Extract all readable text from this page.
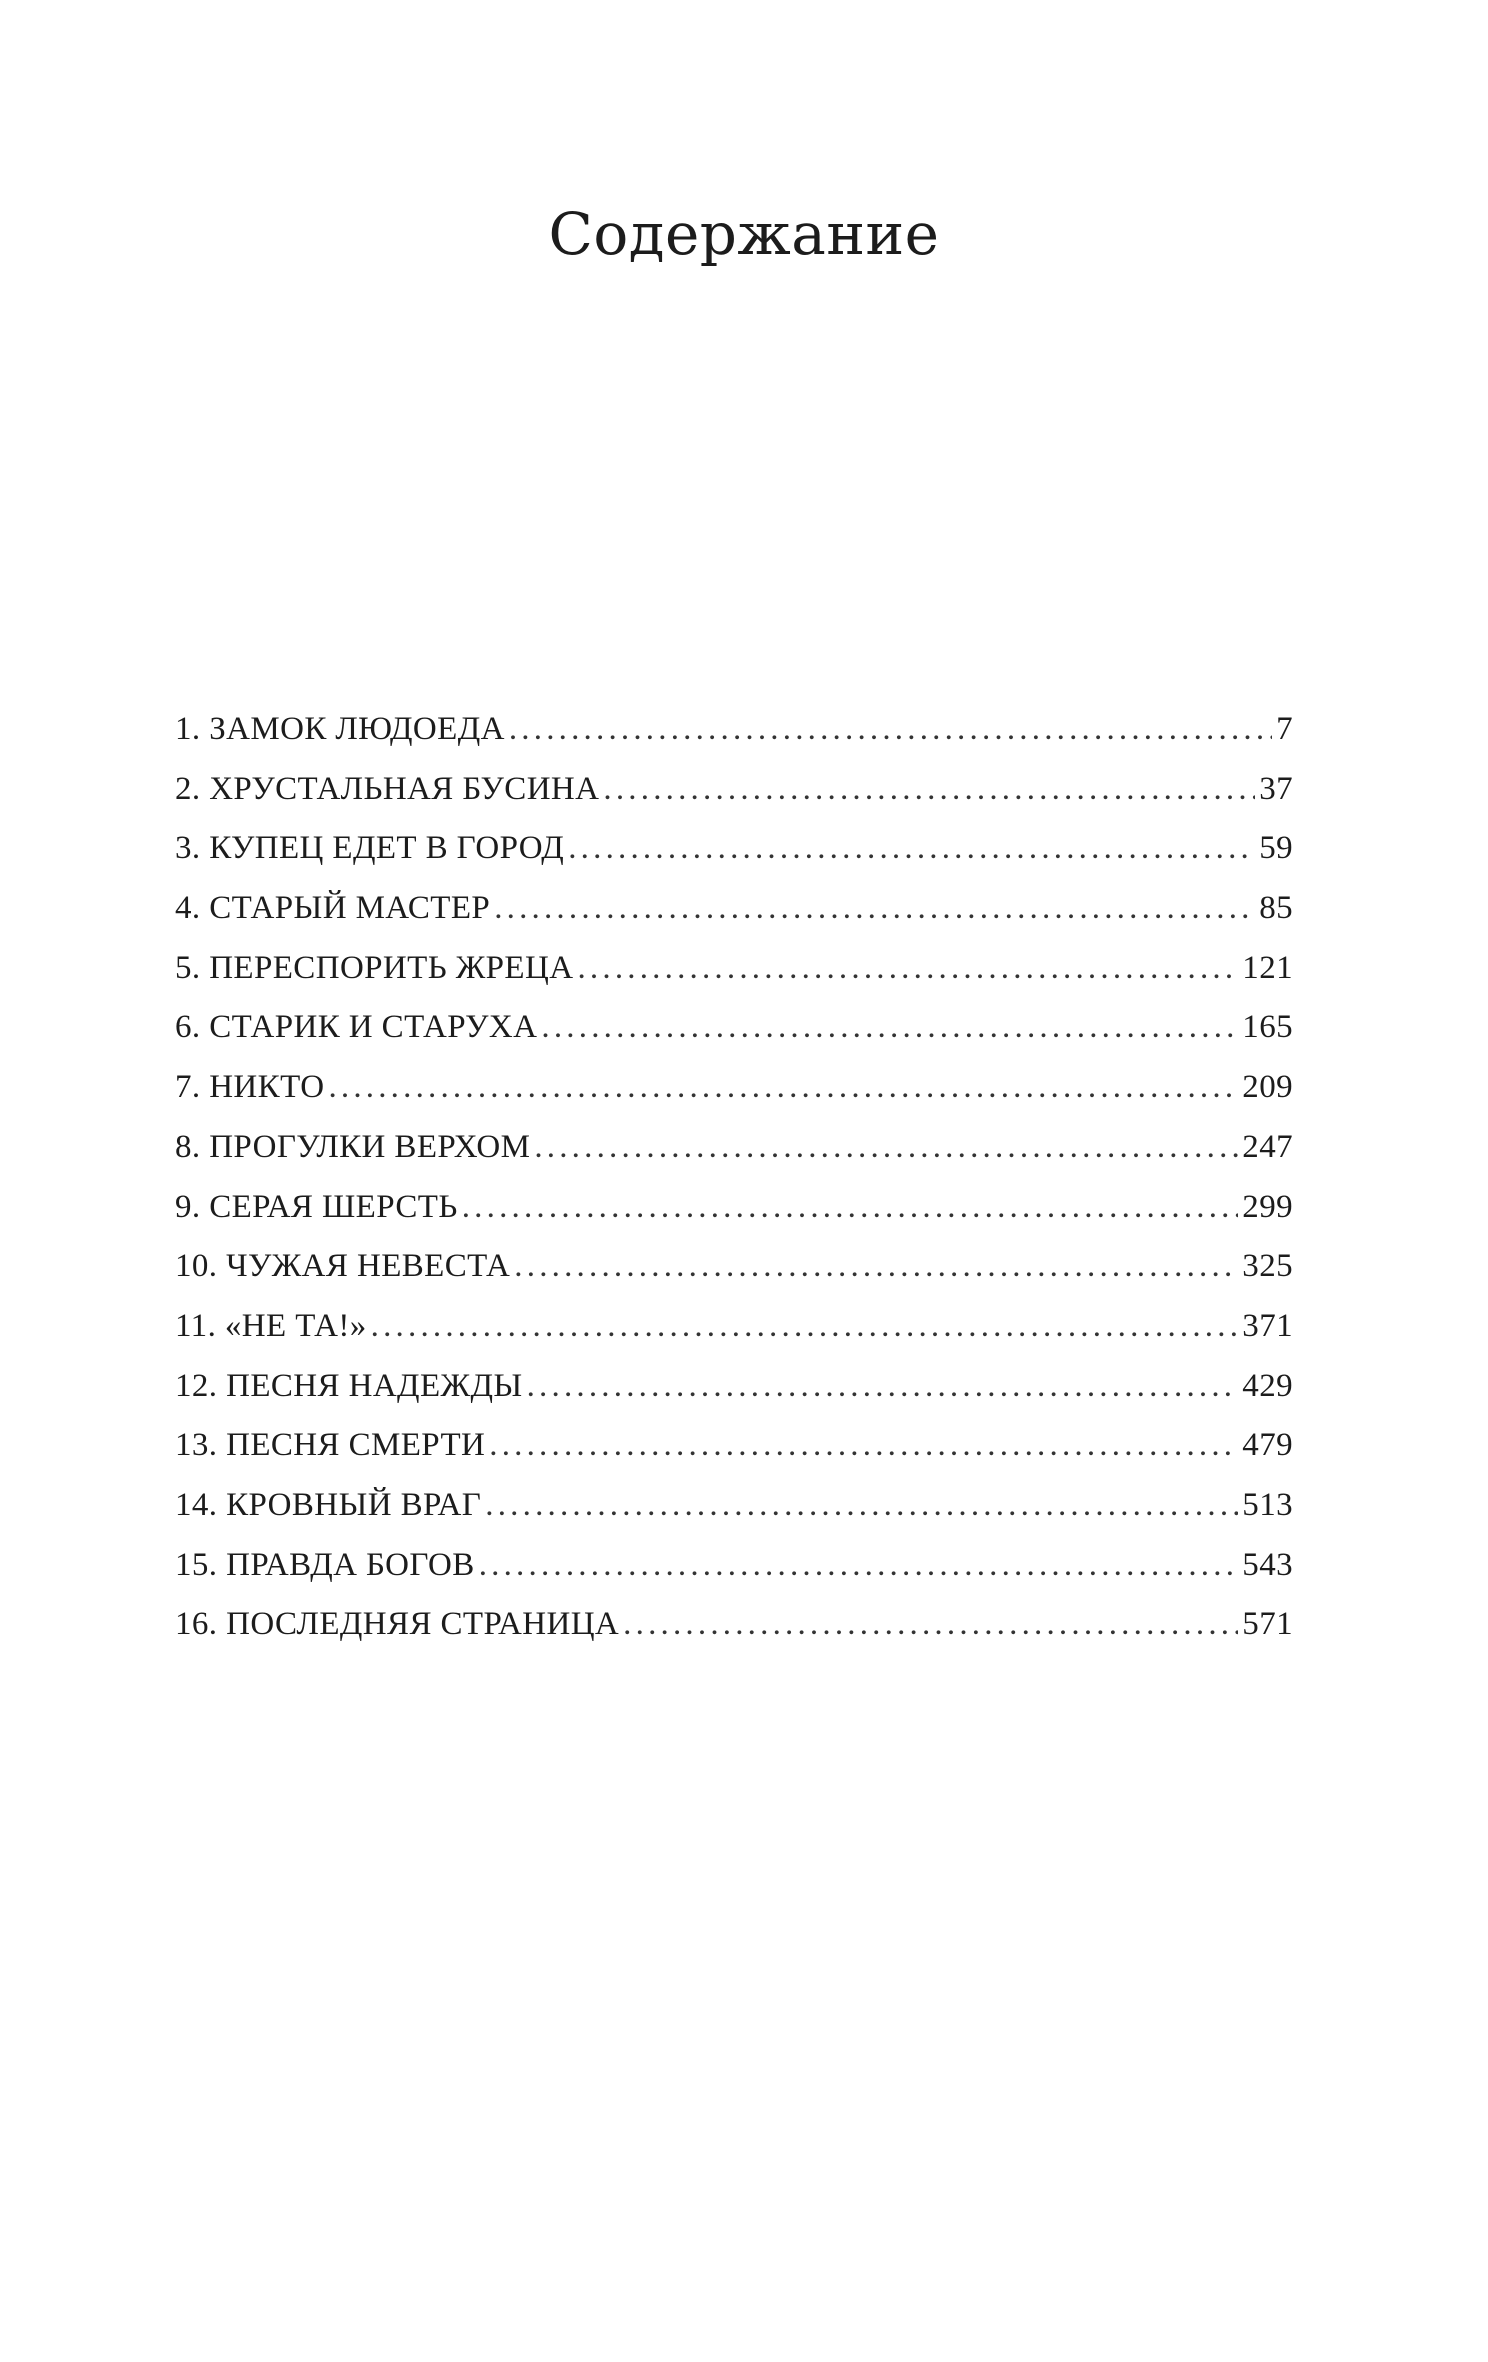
Содержание
1. ЗАМОК ЛЮДОЕДА .....	7
2. ХРУСТАЛЬНАЯ БУСИНА .....	37
3. КУПЕЦ ЕДЕТ В ГОРОД .....	59
4. СТАРЫЙ МАСТЕР .....	85
5. ПЕРЕСПОРИТЬ ЖРЕЦА .....	121
6. СТАРИК И СТАРУХА .....	165
7. НИКТО .....	209
8. ПРОГУЛКИ ВЕРХОМ .....	247
9. СЕРАЯ ШЕРСТЬ .....	299
10. ЧУЖАЯ НЕВЕСТА .....	325
11. «НЕ ТА!» .....	371
12. ПЕСНЯ НАДЕЖДЫ .....	429
13. ПЕСНЯ СМЕРТИ .....	479
14. КРОВНЫЙ ВРАГ .....	513
15. ПРАВДА БОГОВ .....	543
16. ПОСЛЕДНЯЯ СТРАНИЦА .....	571
